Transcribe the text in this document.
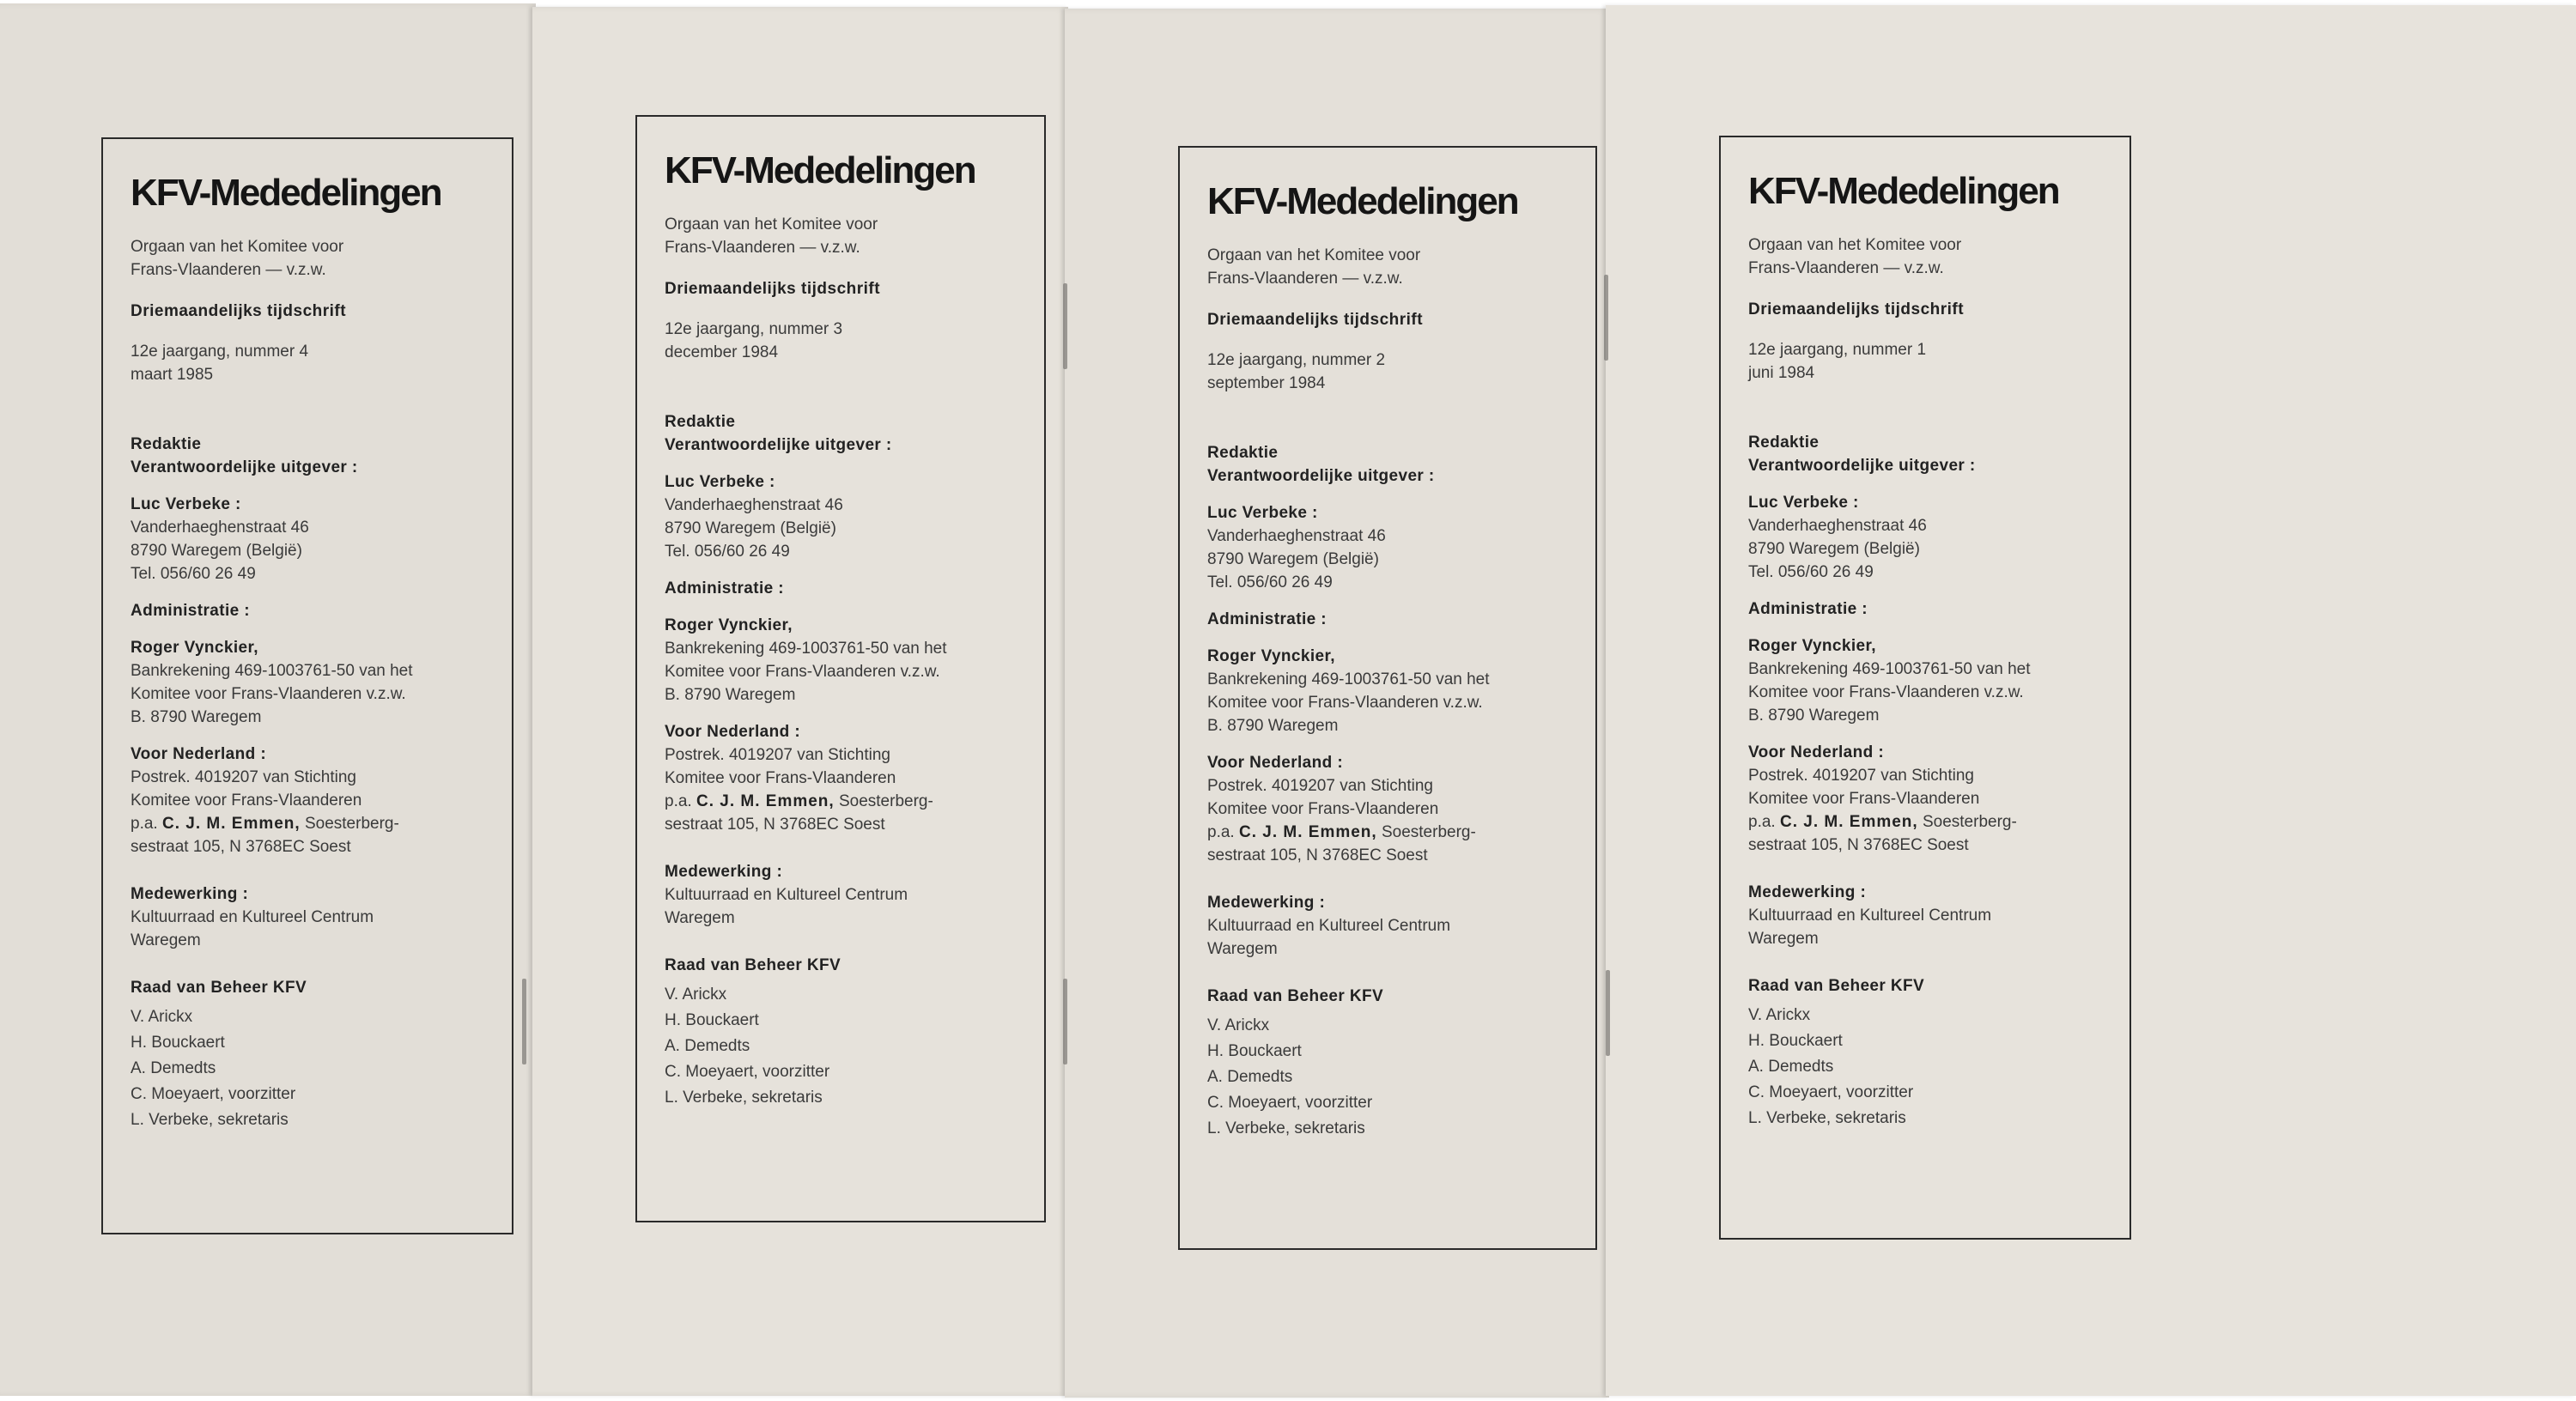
KFV-Mededelingen
Orgaan van het Komitee voor
Frans-Vlaanderen — v.z.w.
Driemaandelijks tijdschrift
12e jaargang, nummer 4
maart 1985
Redaktie
Verantwoordelijke uitgever :
Luc Verbeke :
Vanderhaeghenstraat 46
8790 Waregem (België)
Tel. 056/60 26 49
Administratie :
Roger Vynckier,
Bankrekening 469-1003761-50 van het
Komitee voor Frans-Vlaanderen v.z.w.
B. 8790 Waregem
Voor Nederland :
Postrek. 4019207 van Stichting
Komitee voor Frans-Vlaanderen
p.a. C. J. M. Emmen, Soesterberg-
sestraat 105, N 3768EC Soest
Medewerking :
Kultuurraad en Kultureel Centrum
Waregem
Raad van Beheer KFV
V. Arickx
H. Bouckaert
A. Demedts
C. Moeyaert, voorzitter
L. Verbeke, sekretaris
KFV-Mededelingen
Orgaan van het Komitee voor
Frans-Vlaanderen — v.z.w.
Driemaandelijks tijdschrift
12e jaargang, nummer 3
december 1984
Redaktie
Verantwoordelijke uitgever :
Luc Verbeke :
Vanderhaeghenstraat 46
8790 Waregem (België)
Tel. 056/60 26 49
Administratie :
Roger Vynckier,
Bankrekening 469-1003761-50 van het
Komitee voor Frans-Vlaanderen v.z.w.
B. 8790 Waregem
Voor Nederland :
Postrek. 4019207 van Stichting
Komitee voor Frans-Vlaanderen
p.a. C. J. M. Emmen, Soesterberg-
sestraat 105, N 3768EC Soest
Medewerking :
Kultuurraad en Kultureel Centrum
Waregem
Raad van Beheer KFV
V. Arickx
H. Bouckaert
A. Demedts
C. Moeyaert, voorzitter
L. Verbeke, sekretaris
KFV-Mededelingen
Orgaan van het Komitee voor
Frans-Vlaanderen — v.z.w.
Driemaandelijks tijdschrift
12e jaargang, nummer 2
september 1984
Redaktie
Verantwoordelijke uitgever :
Luc Verbeke :
Vanderhaeghenstraat 46
8790 Waregem (België)
Tel. 056/60 26 49
Administratie :
Roger Vynckier,
Bankrekening 469-1003761-50 van het
Komitee voor Frans-Vlaanderen v.z.w.
B. 8790 Waregem
Voor Nederland :
Postrek. 4019207 van Stichting
Komitee voor Frans-Vlaanderen
p.a. C. J. M. Emmen, Soesterberg-
sestraat 105, N 3768EC Soest
Medewerking :
Kultuurraad en Kultureel Centrum
Waregem
Raad van Beheer KFV
V. Arickx
H. Bouckaert
A. Demedts
C. Moeyaert, voorzitter
L. Verbeke, sekretaris
KFV-Mededelingen
Orgaan van het Komitee voor
Frans-Vlaanderen — v.z.w.
Driemaandelijks tijdschrift
12e jaargang, nummer 1
juni 1984
Redaktie
Verantwoordelijke uitgever :
Luc Verbeke :
Vanderhaeghenstraat 46
8790 Waregem (België)
Tel. 056/60 26 49
Administratie :
Roger Vynckier,
Bankrekening 469-1003761-50 van het
Komitee voor Frans-Vlaanderen v.z.w.
B. 8790 Waregem
Voor Nederland :
Postrek. 4019207 van Stichting
Komitee voor Frans-Vlaanderen
p.a. C. J. M. Emmen, Soesterberg-
sestraat 105, N 3768EC Soest
Medewerking :
Kultuurraad en Kultureel Centrum
Waregem
Raad van Beheer KFV
V. Arickx
H. Bouckaert
A. Demedts
C. Moeyaert, voorzitter
L. Verbeke, sekretaris
